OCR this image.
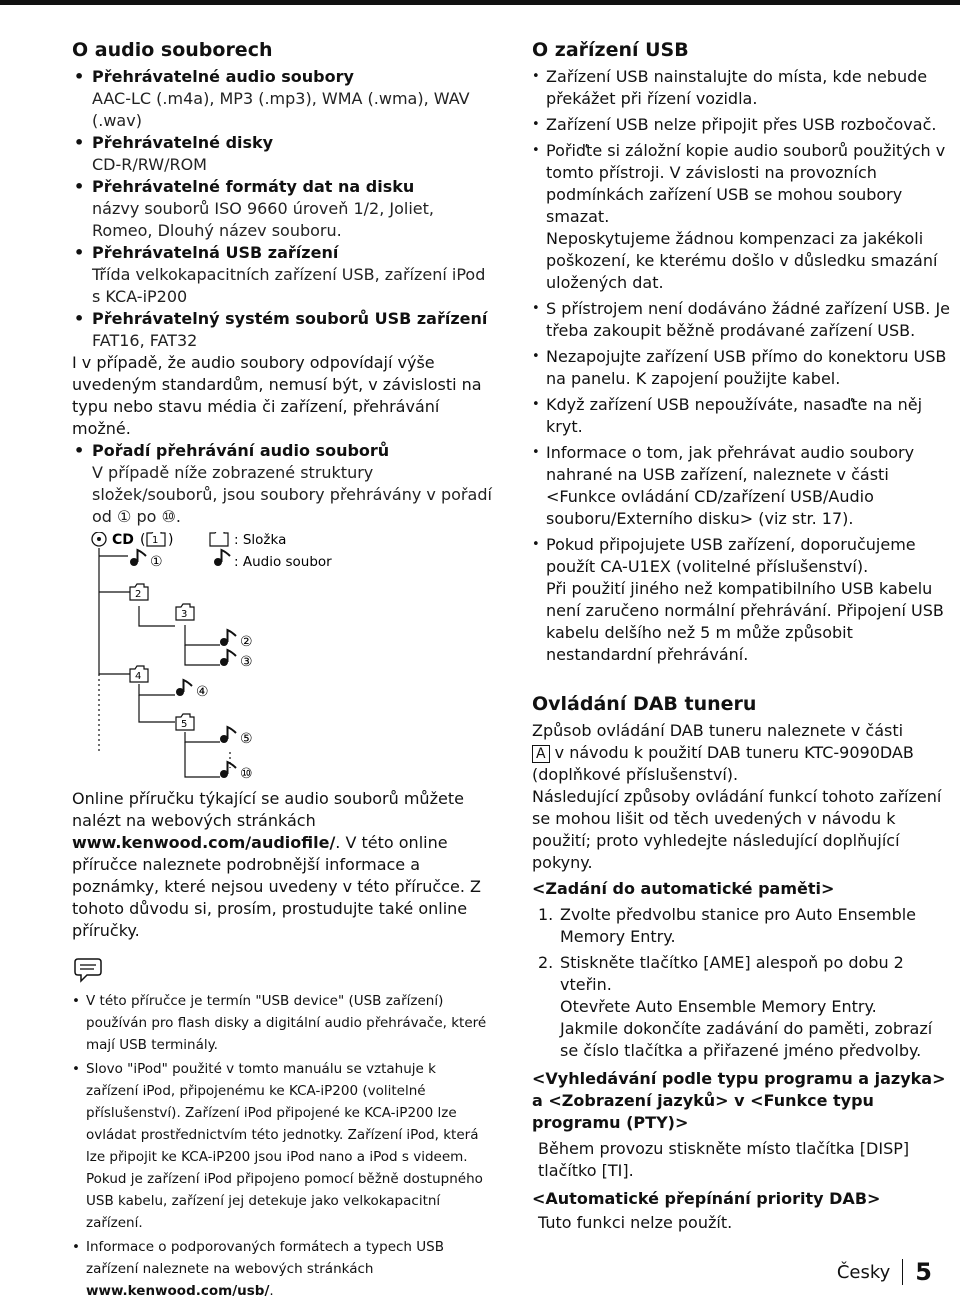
O audio souborech
• Přehrávatelné audio soubory
AAC-LC (.m4a), MP3 (.mp3), WMA (.wma), WAV (.wav)
• Přehrávatelné disky
CD-R/RW/ROM
• Přehrávatelné formáty dat na disku
názvy souborů ISO 9660 úroveň 1/2, Joliet, Romeo, Dlouhý název souboru.
• Přehrávatelná USB zařízení
Třída velkokapacitních zařízení USB, zařízení iPod s KCA-iP200
• Přehrávatelný systém souborů USB zařízení
FAT16, FAT32
I v případě, že audio soubory odpovídají výše uvedeným standardům, nemusí být, v závislosti na typu nebo stavu média či zařízení, přehrávání možné.
• Pořadí přehrávání audio souborů
V případě níže zobrazené struktury složek/souborů, jsou soubory přehrávány v pořadí od ① po ⑩.
CD ( 1 )	: Složka
: Audio soubor
①
2
3
②
③
4
④
5
⑤
⑩
Online příručku týkající se audio souborů můžete nalézt na webových stránkách www.kenwood.com/audiofile/. V této online příručce naleznete podrobnější informace a poznámky, které nejsou uvedeny v této příručce. Z tohoto důvodu si, prosím, prostudujte také online příručky.
• V této příručce je termín "USB device" (USB zařízení) používán pro flash disky a digitální audio přehrávače, které mají USB terminály.
• Slovo "iPod" použité v tomto manuálu se vztahuje k zařízení iPod, připojenému ke KCA-iP200 (volitelné příslušenství). Zařízení iPod připojené ke KCA-iP200 lze ovládat prostřednictvím této jednotky. Zařízení iPod, která lze připojit ke KCA-iP200 jsou iPod nano a iPod s videem. Pokud je zařízení iPod připojeno pomocí běžně dostupného USB kabelu, zařízení jej detekuje jako velkokapacitní zařízení.
• Informace o podporovaných formátech a typech USB zařízení naleznete na webových stránkách www.kenwood.com/usb/.
O zařízení USB
• Zařízení USB nainstalujte do místa, kde nebude překážet při řízení vozidla.
• Zařízení USB nelze připojit přes USB rozbočovač.
• Pořiďte si záložní kopie audio souborů použitých v tomto přístroji. V závislosti na provozních podmínkách zařízení USB se mohou soubory smazat.
Neposkytujeme žádnou kompenzaci za jakékoli poškození, ke kterému došlo v důsledku smazání uložených dat.
• S přístrojem není dodáváno žádné zařízení USB. Je třeba zakoupit běžně prodávané zařízení USB.
• Nezapojujte zařízení USB přímo do konektoru USB na panelu. K zapojení použijte kabel.
• Když zařízení USB nepoužíváte, nasaďte na něj kryt.
• Informace o tom, jak přehrávat audio soubory nahrané na USB zařízení, naleznete v části <Funkce ovládání CD/zařízení USB/Audio souboru/Externího disku> (viz str. 17).
• Pokud připojujete USB zařízení, doporučujeme použít CA-U1EX (volitelné příslušenství).
Při použití jiného než kompatibilního USB kabelu není zaručeno normální přehrávání. Připojení USB kabelu delšího než 5 m může způsobit nestandardní přehrávání.
Ovládání DAB tuneru
Způsob ovládání DAB tuneru naleznete v části
A v návodu k použití DAB tuneru KTC-9090DAB (doplňkové příslušenství).
Následující způsoby ovládání funkcí tohoto zařízení se mohou lišit od těch uvedených v návodu k použití; proto vyhledejte následující doplňující pokyny.
<Zadání do automatické paměti>
1. Zvolte předvolbu stanice pro Auto Ensemble Memory Entry.
2. Stiskněte tlačítko [AME] alespoň po dobu 2 vteřin.
Otevřete Auto Ensemble Memory Entry.
Jakmile dokončíte zadávání do paměti, zobrazí se číslo tlačítka a přiřazené jméno předvolby.
<Vyhledávání podle typu programu a jazyka> a <Zobrazení jazyků> v <Funkce typu programu (PTY)>
Během provozu stiskněte místo tlačítka [DISP] tlačítko [TI].
<Automatické přepínání priority DAB>
Tuto funkci nelze použít.
Česky 5
